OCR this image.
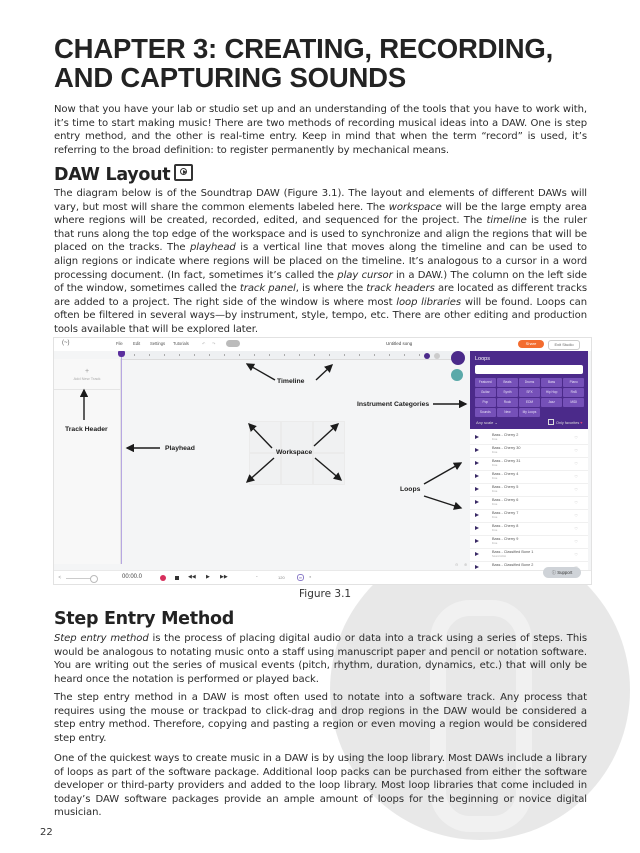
CHAPTER 3: CREATING, RECORDING, AND CAPTURING SOUNDS

Now that you have your lab or studio set up and an understanding of the tools that you have to work with, it’s time to start making music! There are two methods of recording musical ideas into a DAW. One is step entry method, and the other is real-time entry. Keep in mind that when the term “record” is used, it’s referring to the broad definition: to register permanently by mechanical means.

DAW Layout

The diagram below is of the Soundtrap DAW (Figure 3.1). The layout and elements of different DAWs will vary, but most will share the common elements labeled here. The workspace will be the large empty area where regions will be created, recorded, edited, and sequenced for the project. The timeline is the ruler that runs along the top edge of the workspace and is used to synchronize and align the regions that will be placed on the tracks. The playhead is a vertical line that moves along the timeline and can be used to align regions or indicate where regions will be placed on the timeline. It’s analogous to a cursor in a word processing document. (In fact, sometimes it’s called the play cursor in a DAW.) The column on the left side of the window, sometimes called the track panel, is where the track headers are located as different tracks are added to a project. The right side of the window is where most loop libraries will be found. Loops can often be filtered in several ways—by instrument, style, tempo, etc. There are other editing and production tools available that will be explored later.

(~)	File Edit Settings Tutorials	↶ ↷	Untitled song	Share	Exit Studio
+
Add New Track
Loops
Featured	Beats	Drums	Bass	Piano
Guitar	Synth	SFX	Hip Hop	RnB
Pop	Rock	EDM	Jazz	MIDI
Sounds	New	My Loops
Any scale ⌄	Only favorites ♥
Bass - Cherry 2
Free	♡
Bass - Cherry 30
Free	♡
Bass - Cherry 31
Free	♡
Bass - Cherry 4
Free	♡
Bass - Cherry 5
Free	♡
Bass - Cherry 6
Free	♡
Bass - Cherry 7
Free	♡
Bass - Cherry 8
Free	♡
Bass - Cherry 9
Free	♡
Bass - Classified Bone 1
Sound Artist	♡
Bass - Classified Bone 2
◂)	00:00.0	◀◀ ▶ ▶▶	-	120	∞	●
⊖ ⊕
ⓘ Support
Timeline
Instrument Categories
Track Header
Playhead
Workspace
Loops
Figure 3.1
Step Entry Method

Step entry method is the process of placing digital audio or data into a track using a series of steps. This would be analogous to notating music onto a staff using manuscript paper and pencil or notation software. You are writing out the series of musical events (pitch, rhythm, duration, dynamics, etc.) that will only be heard once the notation is performed or played back.

The step entry method in a DAW is most often used to notate into a software track. Any process that requires using the mouse or trackpad to click-drag and drop regions in the DAW would be considered a step entry method. Therefore, copying and pasting a region or even moving a region would be considered step entry.

One of the quickest ways to create music in a DAW is by using the loop library. Most DAWs include a library of loops as part of the software package. Additional loop packs can be purchased from either the software developer or third-party providers and added to the loop library. Most loop libraries that come included in today’s DAW software packages provide an ample amount of loops for the beginning or novice digital musician.

22
